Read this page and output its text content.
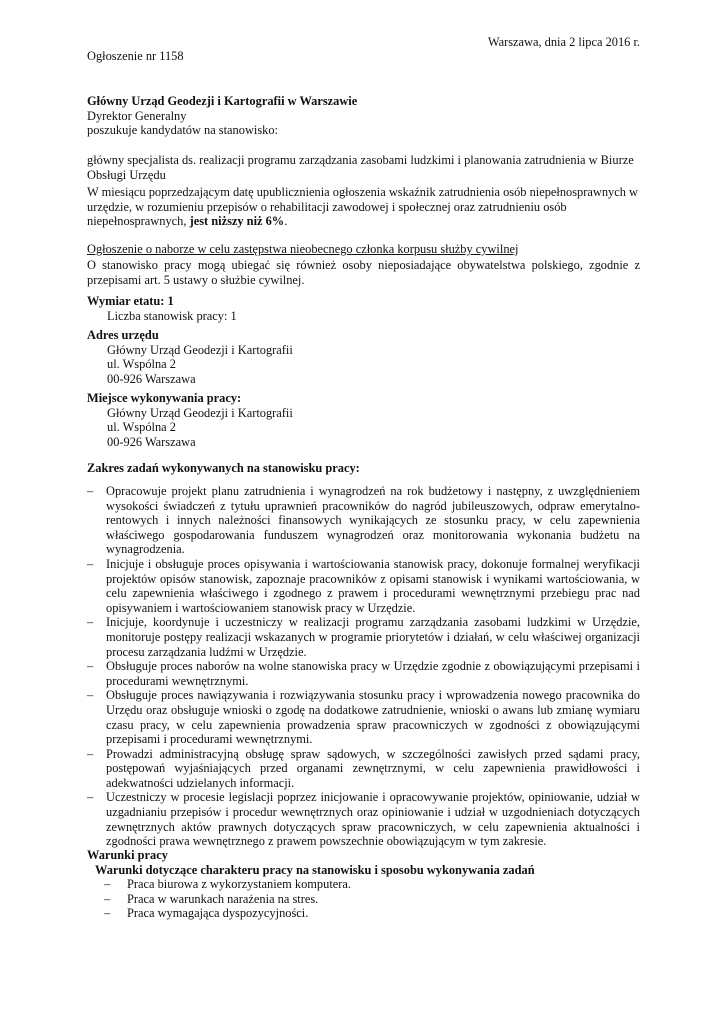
Warszawa, dnia 2 lipca 2016 r.
Ogłoszenie nr 1158

Główny Urząd Geodezji i Kartografii w Warszawie

Dyrektor Generalny

poszukuje kandydatów na stanowisko:

główny specjalista ds. realizacji programu zarządzania zasobami ludzkimi i planowania zatrudnienia w Biurze Obsługi Urzędu
W miesiącu poprzedzającym datę upublicznienia ogłoszenia wskaźnik zatrudnienia osób niepełnosprawnych w urzędzie, w rozumieniu przepisów o rehabilitacji zawodowej i społecznej oraz zatrudnieniu osób niepełnosprawnych, jest niższy niż 6%.
Ogłoszenie o naborze w celu zastępstwa nieobecnego członka korpusu służby cywilnej
O stanowisko pracy mogą ubiegać się również osoby nieposiadające obywatelstwa polskiego, zgodnie z przepisami art. 5 ustawy o służbie cywilnej.

Wymiar etatu: 1

Liczba stanowisk pracy: 1

Adres urzędu

Główny Urząd Geodezji i Kartografii

ul. Wspólna 2

00-926 Warszawa

Miejsce wykonywania pracy:

Główny Urząd Geodezji i Kartografii

ul. Wspólna 2

00-926 Warszawa

Zakres zadań wykonywanych na stanowisku pracy:
– Opracowuje projekt planu zatrudnienia i wynagrodzeń na rok budżetowy i następny, z uwzględnieniem wysokości świadczeń z tytułu uprawnień pracowników do nagród jubileuszowych, odpraw emerytalno-rentowych i innych należności finansowych wynikających ze stosunku pracy, w celu zapewnienia właściwego gospodarowania funduszem wynagrodzeń oraz monitorowania wykonania budżetu na wynagrodzenia.
– Inicjuje i obsługuje proces opisywania i wartościowania stanowisk pracy, dokonuje formalnej weryfikacji projektów opisów stanowisk, zapoznaje pracowników z opisami stanowisk i wynikami wartościowania, w celu zapewnienia właściwego i zgodnego z prawem i procedurami wewnętrznymi przebiegu prac nad opisywaniem i wartościowaniem stanowisk pracy w Urzędzie.
– Inicjuje, koordynuje i uczestniczy w realizacji programu zarządzania zasobami ludzkimi w Urzędzie, monitoruje postępy realizacji wskazanych w programie priorytetów i działań, w celu właściwej organizacji procesu zarządzania ludźmi w Urzędzie.
– Obsługuje proces naborów na wolne stanowiska pracy w Urzędzie zgodnie z obowiązującymi przepisami i procedurami wewnętrznymi.
– Obsługuje proces nawiązywania i rozwiązywania stosunku pracy i wprowadzenia nowego pracownika do Urzędu oraz obsługuje wnioski o zgodę na dodatkowe zatrudnienie, wnioski o awans lub zmianę wymiaru czasu pracy, w celu zapewnienia prowadzenia spraw pracowniczych w zgodności z obowiązującymi przepisami i procedurami wewnętrznymi.
– Prowadzi administracyjną obsługę spraw sądowych, w szczególności zawisłych przed sądami pracy, postępowań wyjaśniających przed organami zewnętrznymi, w celu zapewnienia prawidłowości i adekwatności udzielanych informacji.
– Uczestniczy w procesie legislacji poprzez inicjowanie i opracowywanie projektów, opiniowanie, udział w uzgadnianiu przepisów i procedur wewnętrznych oraz opiniowanie i udział w uzgodnieniach dotyczących zewnętrznych aktów prawnych dotyczących spraw pracowniczych, w celu zapewnienia aktualności i zgodności prawa wewnętrznego z prawem powszechnie obowiązującym w tym zakresie.

Warunki pracy

Warunki dotyczące charakteru pracy na stanowisku i sposobu wykonywania zadań

– Praca biurowa z wykorzystaniem komputera.
– Praca w warunkach narażenia na stres.
– Praca wymagająca dyspozycyjności.
